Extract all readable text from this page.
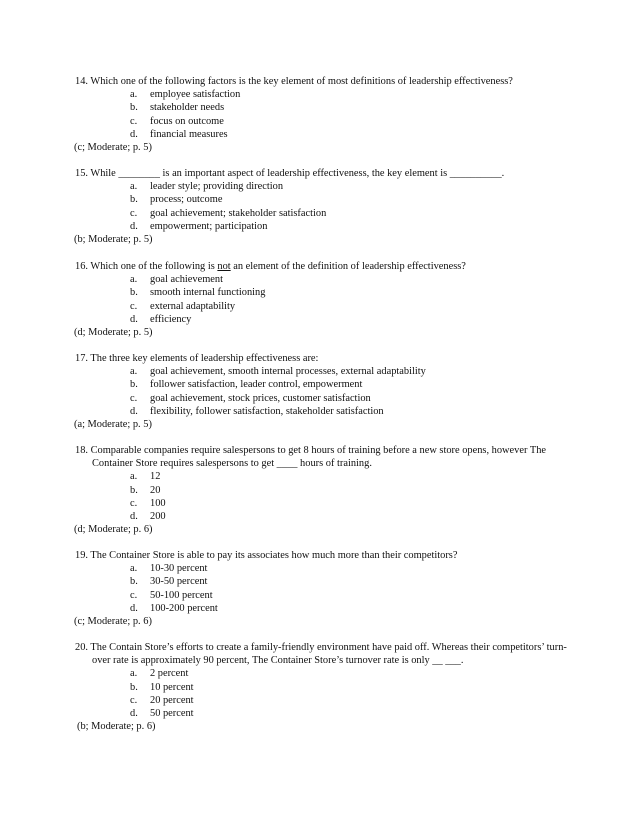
14. Which one of the following factors is the key element of most definitions of leadership effectiveness?
a. employee satisfaction
b. stakeholder needs
c. focus on outcome
d. financial measures
(c; Moderate; p. 5)
15. While ________ is an important aspect of leadership effectiveness, the key element is __________.
a. leader style; providing direction
b. process; outcome
c. goal achievement; stakeholder satisfaction
d. empowerment; participation
(b; Moderate; p. 5)
16. Which one of the following is not an element of the definition of leadership effectiveness?
a. goal achievement
b. smooth internal functioning
c. external adaptability
d. efficiency
(d; Moderate; p. 5)
17. The three key elements of leadership effectiveness are:
a. goal achievement, smooth internal processes, external adaptability
b. follower satisfaction, leader control, empowerment
c. goal achievement, stock prices, customer satisfaction
d. flexibility, follower satisfaction, stakeholder satisfaction
(a; Moderate; p. 5)
18. Comparable companies require salespersons to get 8 hours of training before a new store opens, however The Container Store requires salespersons to get ____ hours of training.
a. 12
b. 20
c. 100
d. 200
(d; Moderate; p. 6)
19. The Container Store is able to pay its associates how much more than their competitors?
a. 10-30 percent
b. 30-50 percent
c. 50-100 percent
d. 100-200 percent
(c; Moderate; p. 6)
20. The Contain Store’s efforts to create a family-friendly environment have paid off. Whereas their competitors’ turn-over rate is approximately 90 percent, The Container Store’s turnover rate is only __ ___.
a. 2 percent
b. 10 percent
c. 20 percent
d. 50 percent
(b; Moderate; p. 6)
